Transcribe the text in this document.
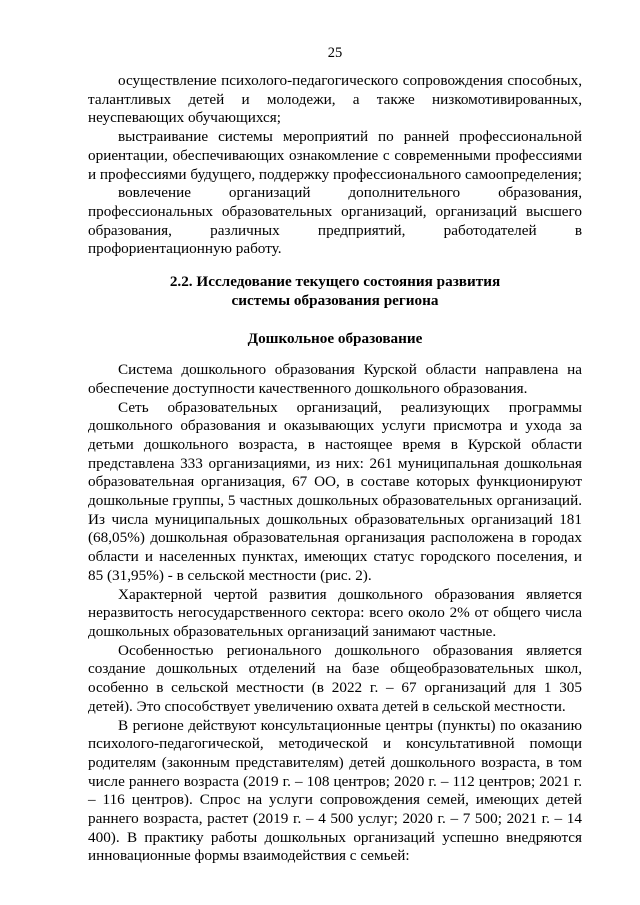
25

осуществление психолого-педагогического сопровождения способных, талантливых детей и молодежи, а также низкомотивированных, неуспевающих обучающихся;

выстраивание системы мероприятий по ранней профессиональной ориентации, обеспечивающих ознакомление с современными профессиями и профессиями будущего, поддержку профессионального самоопределения;

вовлечение организаций дополнительного образования, профессиональных образовательных организаций, организаций высшего образования, различных предприятий, работодателей в профориентационную работу.

2.2. Исследование текущего состояния развития

системы образования региона

Дошкольное образование

Система дошкольного образования Курской области направлена на обеспечение доступности качественного дошкольного образования.

Сеть образовательных организаций, реализующих программы дошкольного образования и оказывающих услуги присмотра и ухода за детьми дошкольного возраста, в настоящее время в Курской области представлена 333 организациями, из них: 261 муниципальная дошкольная образовательная организация, 67 ОО, в составе которых функционируют дошкольные группы, 5 частных дошкольных образовательных организаций. Из числа муниципальных дошкольных образовательных организаций 181 (68,05%) дошкольная образовательная организация расположена в городах области и населенных пунктах, имеющих статус городского поселения, и 85 (31,95%) - в сельской местности (рис. 2).

Характерной чертой развития дошкольного образования является неразвитость негосударственного сектора: всего около 2% от общего числа дошкольных образовательных организаций занимают частные.

Особенностью регионального дошкольного образования является создание дошкольных отделений на базе общеобразовательных школ, особенно в сельской местности (в 2022 г. – 67 организаций для 1 305 детей). Это способствует увеличению охвата детей в сельской местности.

В регионе действуют консультационные центры (пункты) по оказанию психолого-педагогической, методической и консультативной помощи родителям (законным представителям) детей дошкольного возраста, в том числе раннего возраста (2019 г. – 108 центров; 2020 г. – 112 центров; 2021 г. – 116 центров). Спрос на услуги сопровождения семей, имеющих детей раннего возраста, растет (2019 г. – 4 500 услуг; 2020 г. – 7 500; 2021 г. – 14 400). В практику работы дошкольных организаций успешно внедряются инновационные формы взаимодействия с семьей:
